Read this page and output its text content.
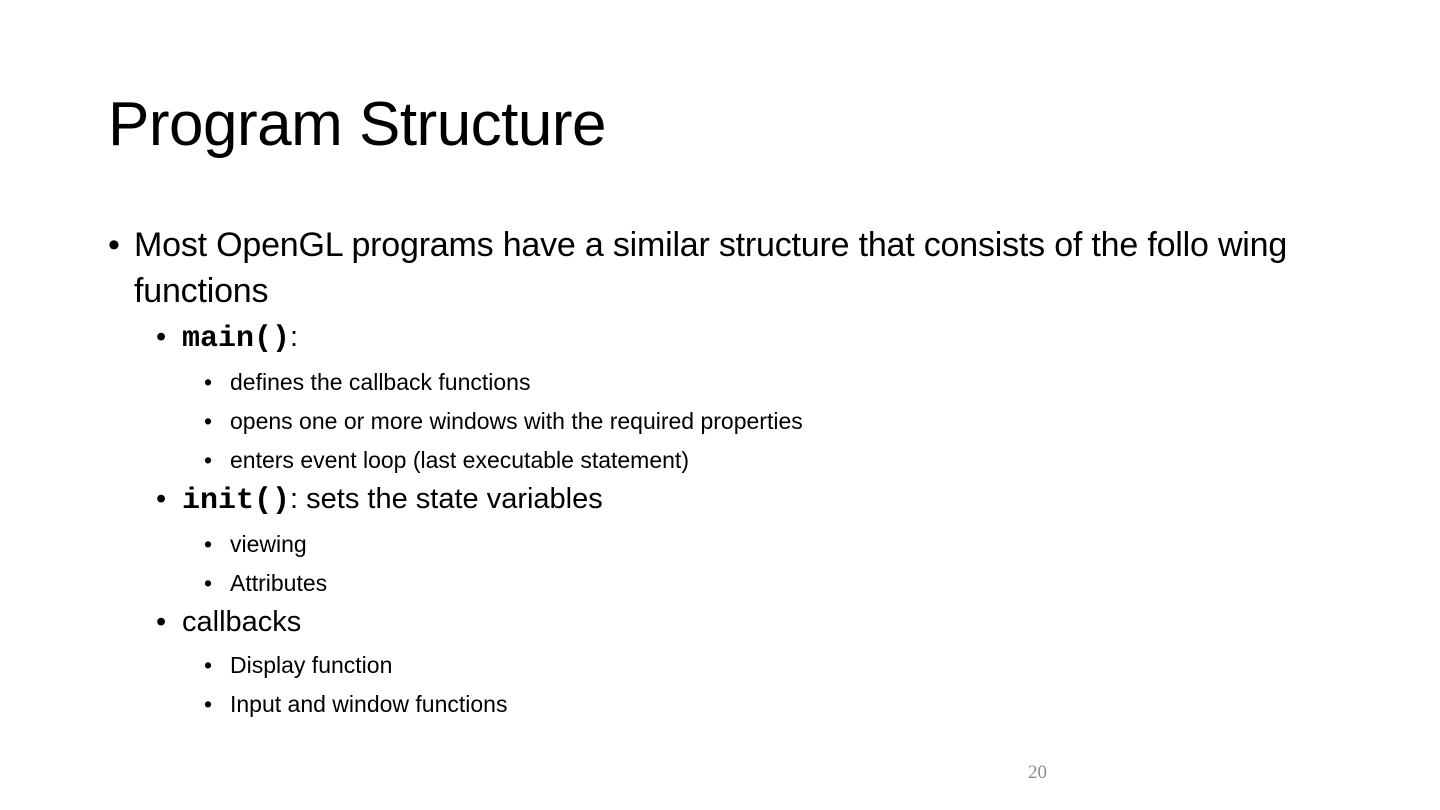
Program Structure
• Most OpenGL programs have a similar structure that consists of the follo wing functions
• main():
• defines the callback functions
• opens one or more windows with the required properties
• enters event loop (last executable statement)
• init(): sets the state variables
• viewing
• Attributes
• callbacks
• Display function
• Input and window functions
20
